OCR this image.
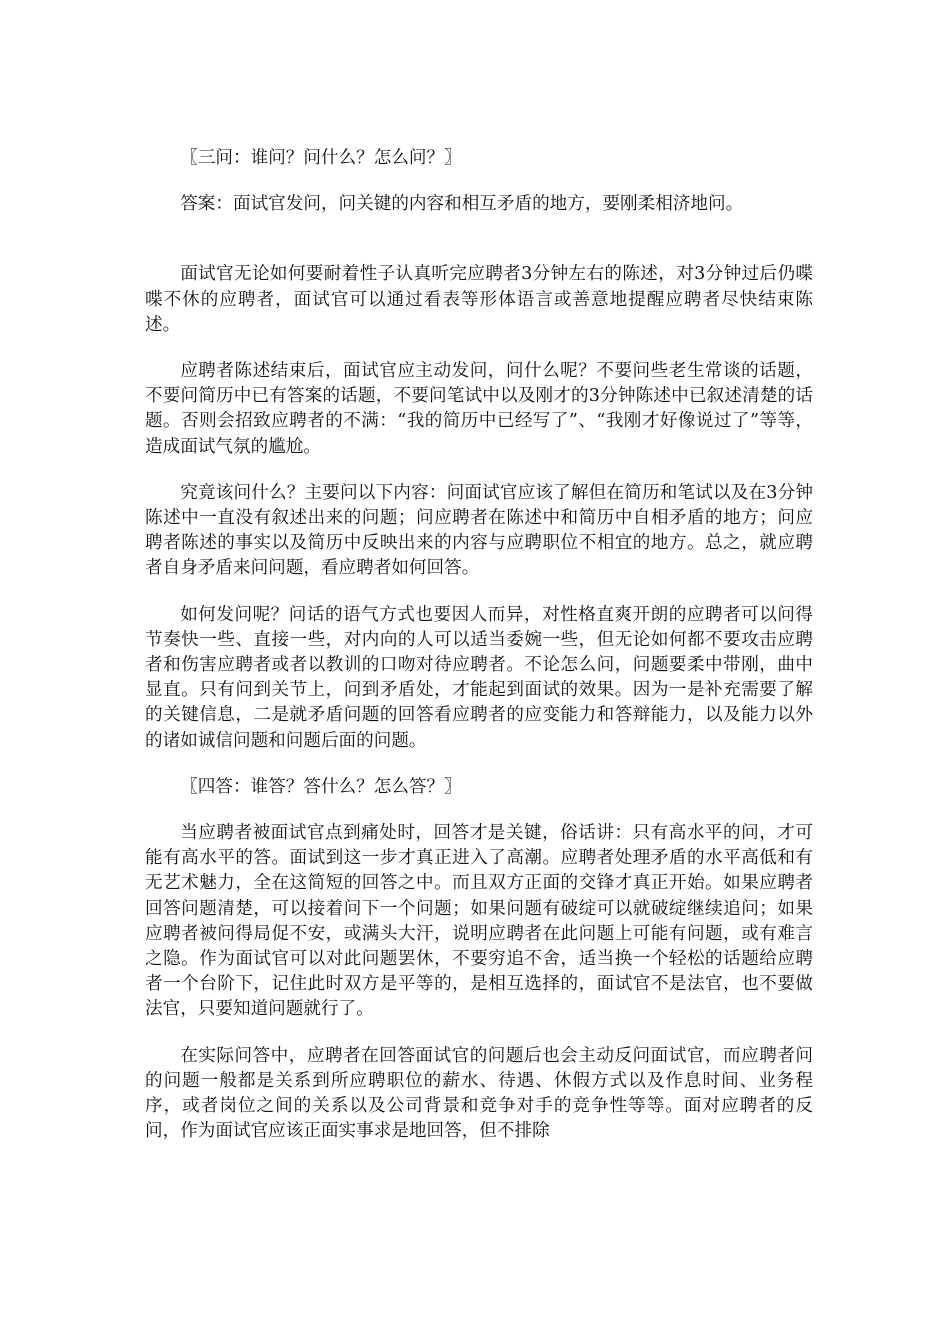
〖三问：谁问？问什么？怎么问？〗

答案：面试官发问，问关键的内容和相互矛盾的地方，要刚柔相济地问。

面试官无论如何要耐着性子认真听完应聘者3分钟左右的陈述，对3分钟过后仍喋喋不休的应聘者，面试官可以通过看表等形体语言或善意地提醒应聘者尽快结束陈述。

应聘者陈述结束后，面试官应主动发问，问什么呢？不要问些老生常谈的话题，不要问简历中已有答案的话题，不要问笔试中以及刚才的3分钟陈述中已叙述清楚的话题。否则会招致应聘者的不满：“我的简历中已经写了”、“我刚才好像说过了”等等，造成面试气氛的尴尬。

究竟该问什么？主要问以下内容：问面试官应该了解但在简历和笔试以及在3分钟陈述中一直没有叙述出来的问题；问应聘者在陈述中和简历中自相矛盾的地方；问应聘者陈述的事实以及简历中反映出来的内容与应聘职位不相宜的地方。总之，就应聘者自身矛盾来问问题，看应聘者如何回答。

如何发问呢？问话的语气方式也要因人而异，对性格直爽开朗的应聘者可以问得节奏快一些、直接一些，对内向的人可以适当委婉一些，但无论如何都不要攻击应聘者和伤害应聘者或者以教训的口吻对待应聘者。不论怎么问，问题要柔中带刚，曲中显直。只有问到关节上，问到矛盾处，才能起到面试的效果。因为一是补充需要了解的关键信息，二是就矛盾问题的回答看应聘者的应变能力和答辩能力，以及能力以外的诸如诚信问题和问题后面的问题。

〖四答：谁答？答什么？怎么答？〗

当应聘者被面试官点到痛处时，回答才是关键，俗话讲：只有高水平的问，才可能有高水平的答。面试到这一步才真正进入了高潮。应聘者处理矛盾的水平高低和有无艺术魅力，全在这简短的回答之中。而且双方正面的交锋才真正开始。如果应聘者回答问题清楚，可以接着问下一个问题；如果问题有破绽可以就破绽继续追问；如果应聘者被问得局促不安，或满头大汗，说明应聘者在此问题上可能有问题，或有难言之隐。作为面试官可以对此问题罢休，不要穷追不舍，适当换一个轻松的话题给应聘者一个台阶下，记住此时双方是平等的，是相互选择的，面试官不是法官，也不要做法官，只要知道问题就行了。

在实际问答中，应聘者在回答面试官的问题后也会主动反问面试官，而应聘者问的问题一般都是关系到所应聘职位的薪水、待遇、休假方式以及作息时间、业务程序，或者岗位之间的关系以及公司背景和竞争对手的竞争性等等。面对应聘者的反问，作为面试官应该正面实事求是地回答，但不排除
